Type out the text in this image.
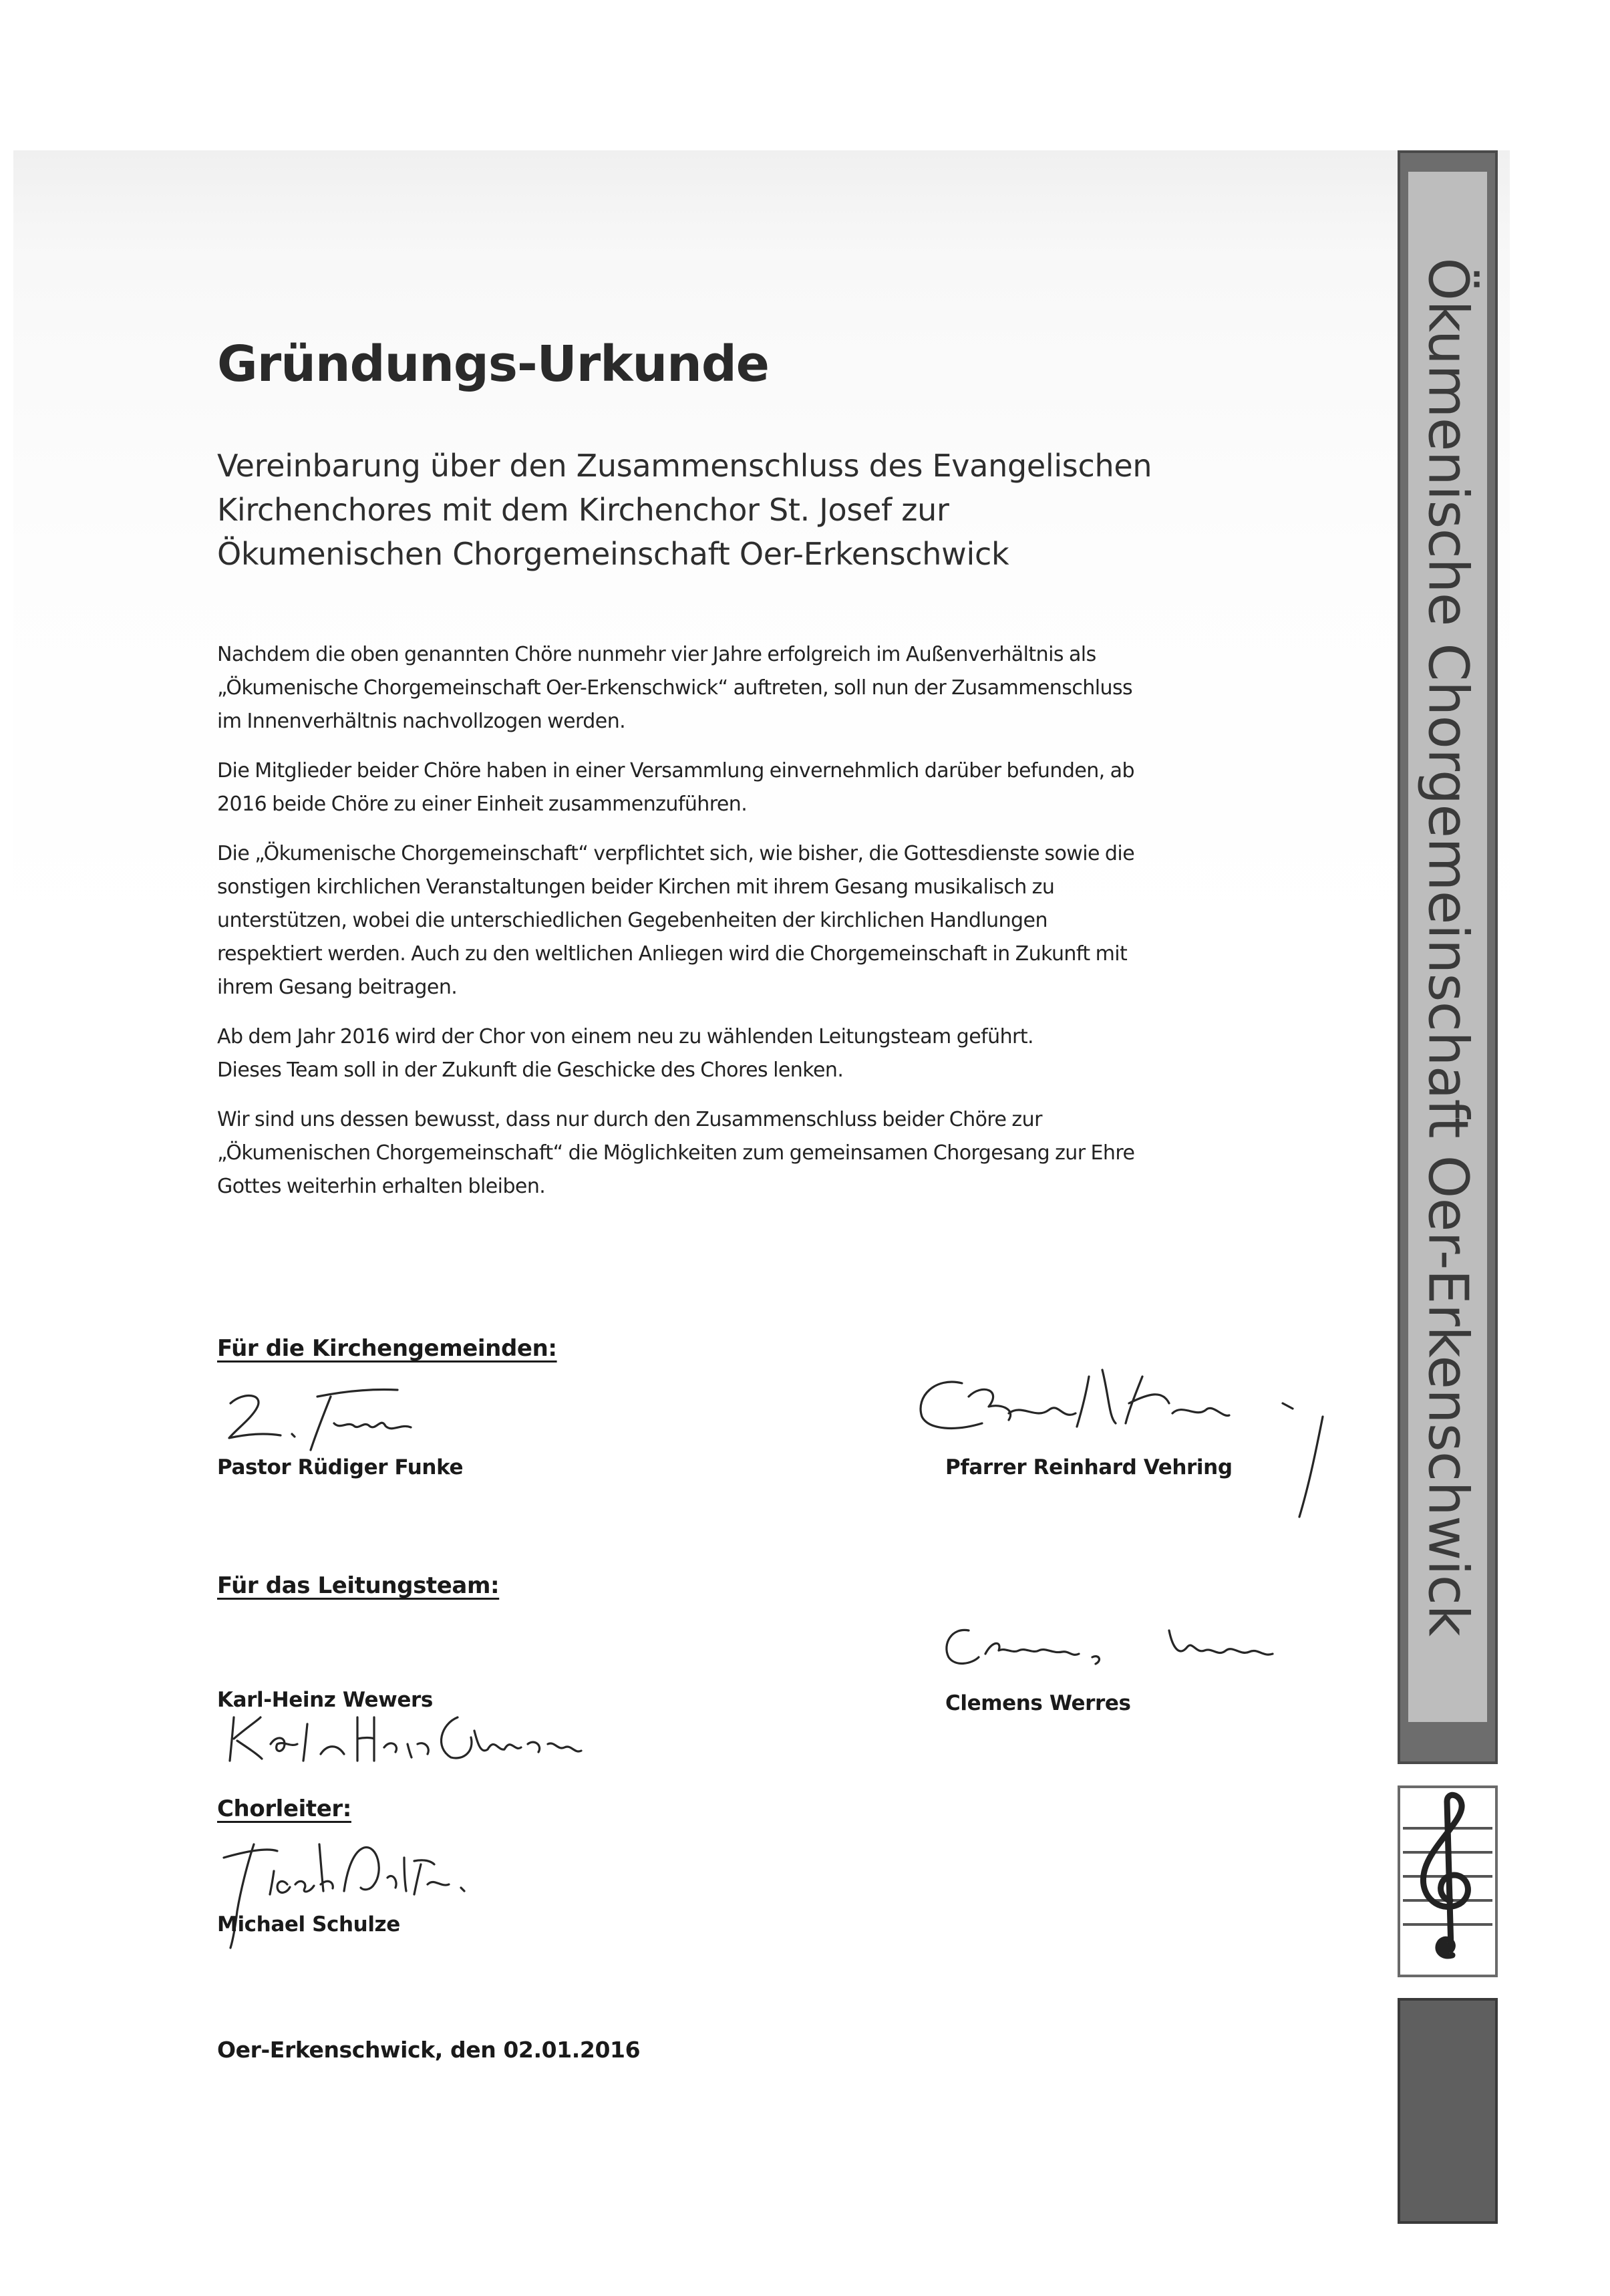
Gründungs-Urkunde
Vereinbarung über den Zusammenschluss des Evangelischen
Kirchenchores mit dem Kirchenchor St. Josef zur
Ökumenischen Chorgemeinschaft Oer-Erkenschwick

Nachdem die oben genannten Chöre nunmehr vier Jahre erfolgreich im Außenverhältnis als
„Ökumenische Chorgemeinschaft Oer-Erkenschwick“ auftreten, soll nun der Zusammenschluss
im Innenverhältnis nachvollzogen werden.

Die Mitglieder beider Chöre haben in einer Versammlung einvernehmlich darüber befunden, ab
2016 beide Chöre zu einer Einheit zusammenzuführen.

Die „Ökumenische Chorgemeinschaft“ verpflichtet sich, wie bisher, die Gottesdienste sowie die
sonstigen kirchlichen Veranstaltungen beider Kirchen mit ihrem Gesang musikalisch zu
unterstützen, wobei die unterschiedlichen Gegebenheiten der kirchlichen Handlungen
respektiert werden. Auch zu den weltlichen Anliegen wird die Chorgemeinschaft in Zukunft mit
ihrem Gesang beitragen.

Ab dem Jahr 2016 wird der Chor von einem neu zu wählenden Leitungsteam geführt.
Dieses Team soll in der Zukunft die Geschicke des Chores lenken.

Wir sind uns dessen bewusst, dass nur durch den Zusammenschluss beider Chöre zur
„Ökumenischen Chorgemeinschaft“ die Möglichkeiten zum gemeinsamen Chorgesang zur Ehre
Gottes weiterhin erhalten bleiben.

Für die Kirchengemeinden:
Pastor Rüdiger Funke	Pfarrer Reinhard Vehring
Für das Leitungsteam:
Clemens Werres
Karl-Heinz Wewers
Chorleiter:
Michael Schulze
Oer-Erkenschwick, den 02.01.2016
Ökumenische Chorgemeinschaft Oer-Erkenschwick
